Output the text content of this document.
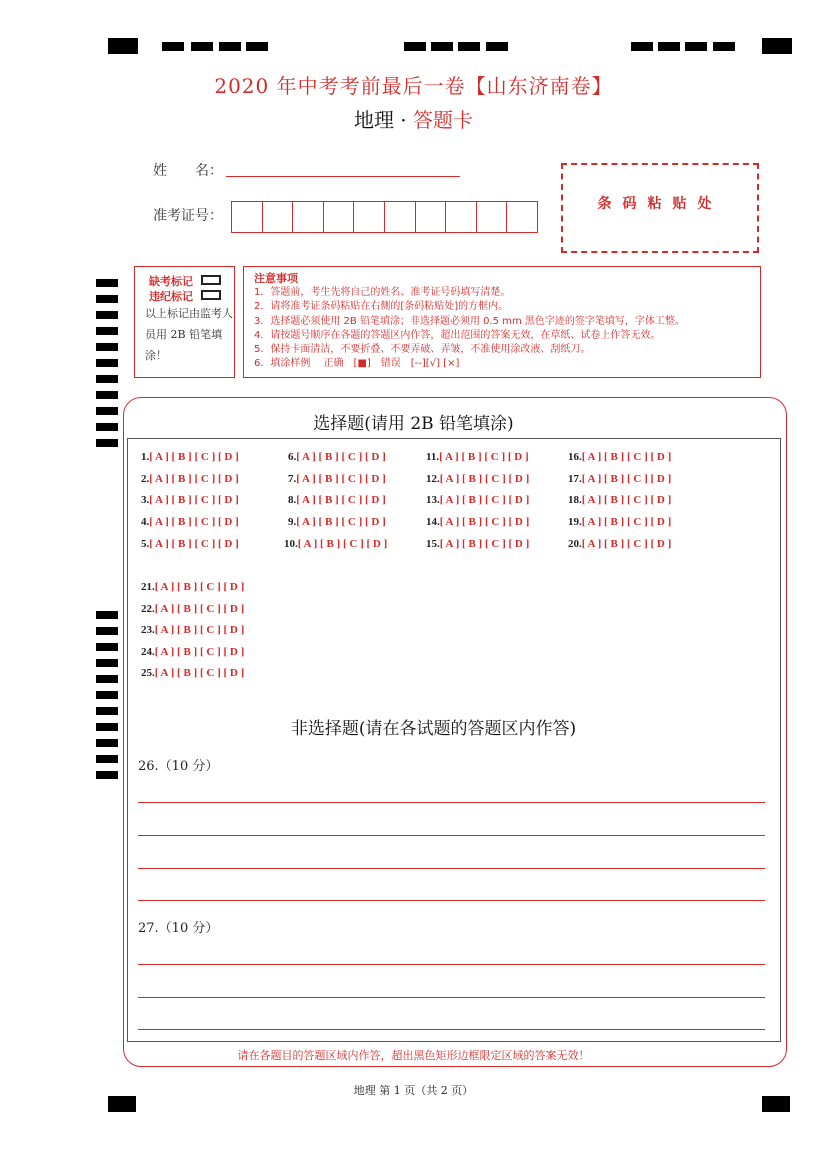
2020 年中考考前最后一卷【山东济南卷】
地理 · 答题卡
姓　　名：
准考证号：
条码粘贴处
缺考标记
违纪标记
以上标记由监考人员用 2B 铅笔填涂！
注意事项
1．答题前，考生先将自己的姓名、准考证号码填写清楚。
2．请将准考证条码粘贴在右侧的[条码粘贴处]的方框内。
3．选择题必须使用 2B 铅笔填涂；非选择题必须用 0.5 mm 黑色字迹的签字笔填写，字体工整。
4．请按题号顺序在各题的答题区内作答，超出范围的答案无效，在草纸、试卷上作答无效。
5．保持卡面清洁，不要折叠、不要弄破、弄皱，不准使用涂改液、刮纸刀。
6．填涂样例　 正确　[■]　错误　[--][√] [×]
选择题(请用 2B 铅笔填涂)
1.[ A ] [ B ] [ C ] [ D ]
2.[ A ] [ B ] [ C ] [ D ]
3.[ A ] [ B ] [ C ] [ D ]
4.[ A ] [ B ] [ C ] [ D ]
5.[ A ] [ B ] [ C ] [ D ]
6.[ A ] [ B ] [ C ] [ D ]
7.[ A ] [ B ] [ C ] [ D ]
8.[ A ] [ B ] [ C ] [ D ]
9.[ A ] [ B ] [ C ] [ D ]
10.[ A ] [ B ] [ C ] [ D ]
11.[ A ] [ B ] [ C ] [ D ]
12.[ A ] [ B ] [ C ] [ D ]
13.[ A ] [ B ] [ C ] [ D ]
14.[ A ] [ B ] [ C ] [ D ]
15.[ A ] [ B ] [ C ] [ D ]
16.[ A ] [ B ] [ C ] [ D ]
17.[ A ] [ B ] [ C ] [ D ]
18.[ A ] [ B ] [ C ] [ D ]
19.[ A ] [ B ] [ C ] [ D ]
20.[ A ] [ B ] [ C ] [ D ]
21.[ A ] [ B ] [ C ] [ D ]
22.[ A ] [ B ] [ C ] [ D ]
23.[ A ] [ B ] [ C ] [ D ]
24.[ A ] [ B ] [ C ] [ D ]
25.[ A ] [ B ] [ C ] [ D ]
非选择题(请在各试题的答题区内作答)
26.（10 分）
27.（10 分）
请在各题目的答题区域内作答，超出黑色矩形边框限定区域的答案无效！
地理 第 1 页（共 2 页）
